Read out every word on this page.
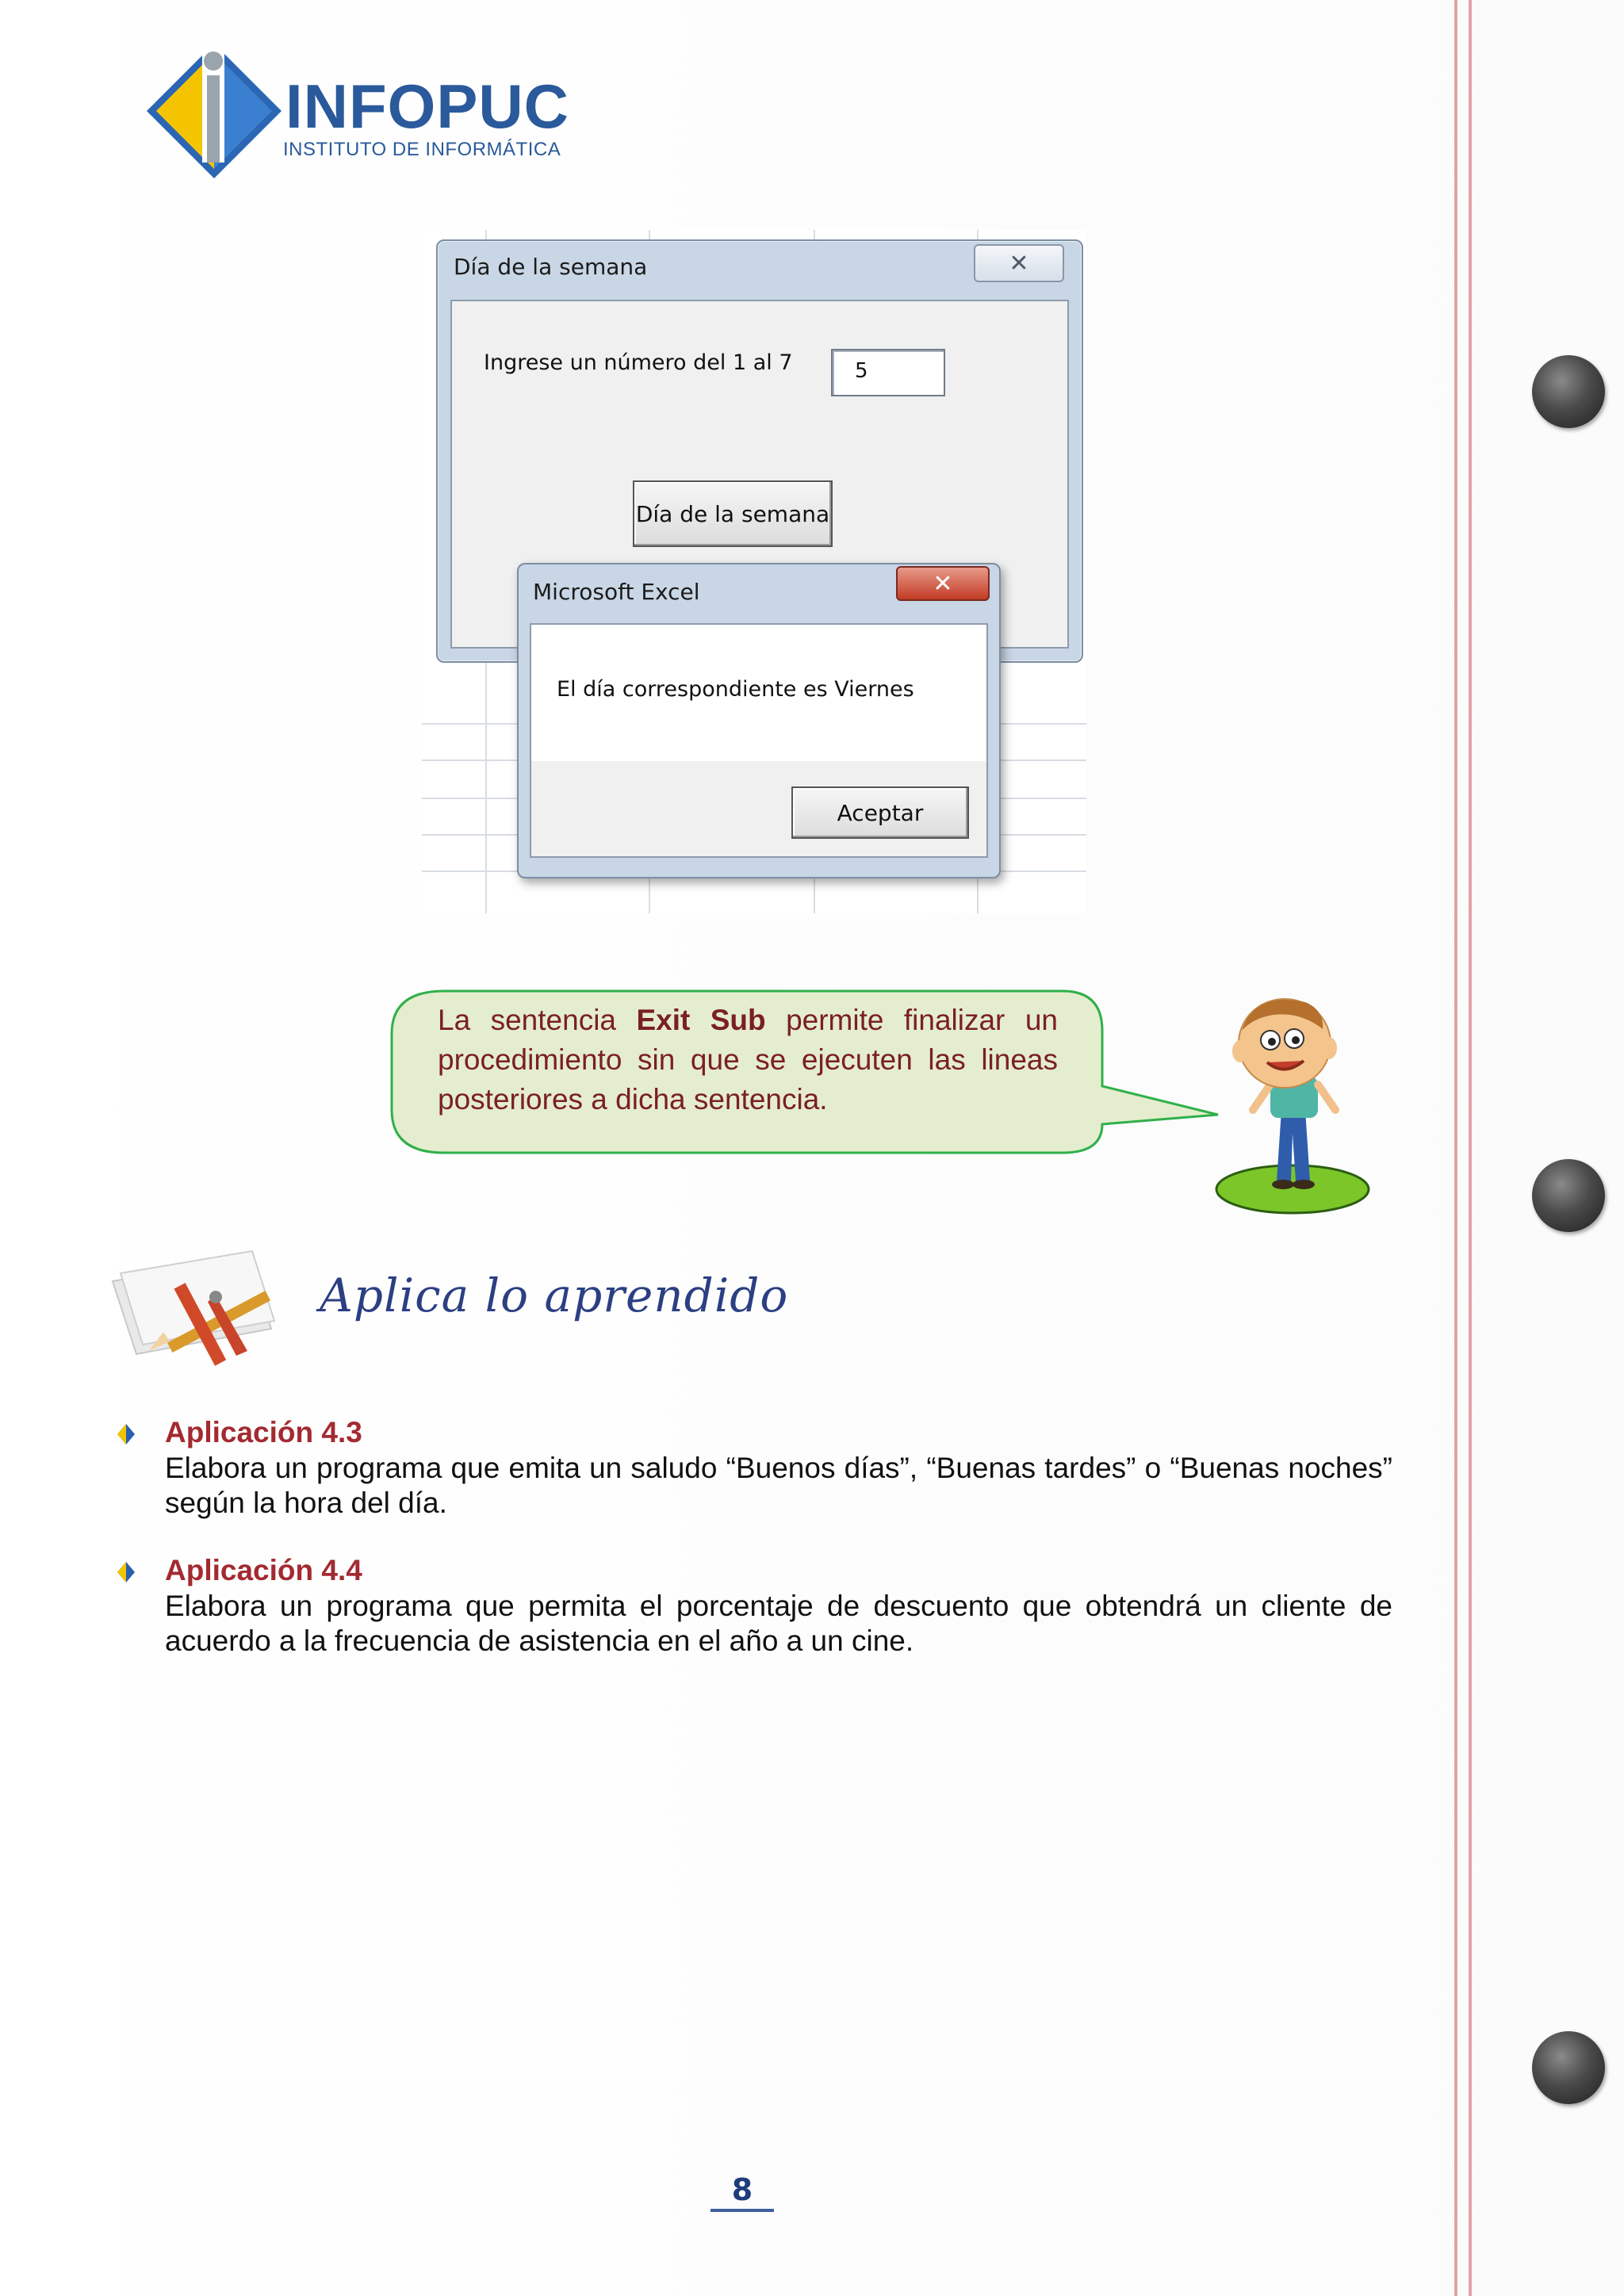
INFOPUC
INSTITUTO DE INFORMÁTICA
Día de la semana	✕
Ingrese un número del 1 al 7	5
Día de la semana
Microsoft Excel	✕
El día correspondiente es Viernes
Aceptar
La sentencia Exit Sub permite finalizar un procedimiento sin que se ejecuten las lineas posteriores a dicha sentencia.
Aplica lo aprendido
Aplicación 4.3
Elabora un programa que emita un saludo “Buenos días”, “Buenas tardes” o “Buenas noches” según la hora del día.
Aplicación 4.4
Elabora un programa que permita el porcentaje de descuento que obtendrá un cliente de acuerdo a la frecuencia de asistencia en el año a un cine.
8
